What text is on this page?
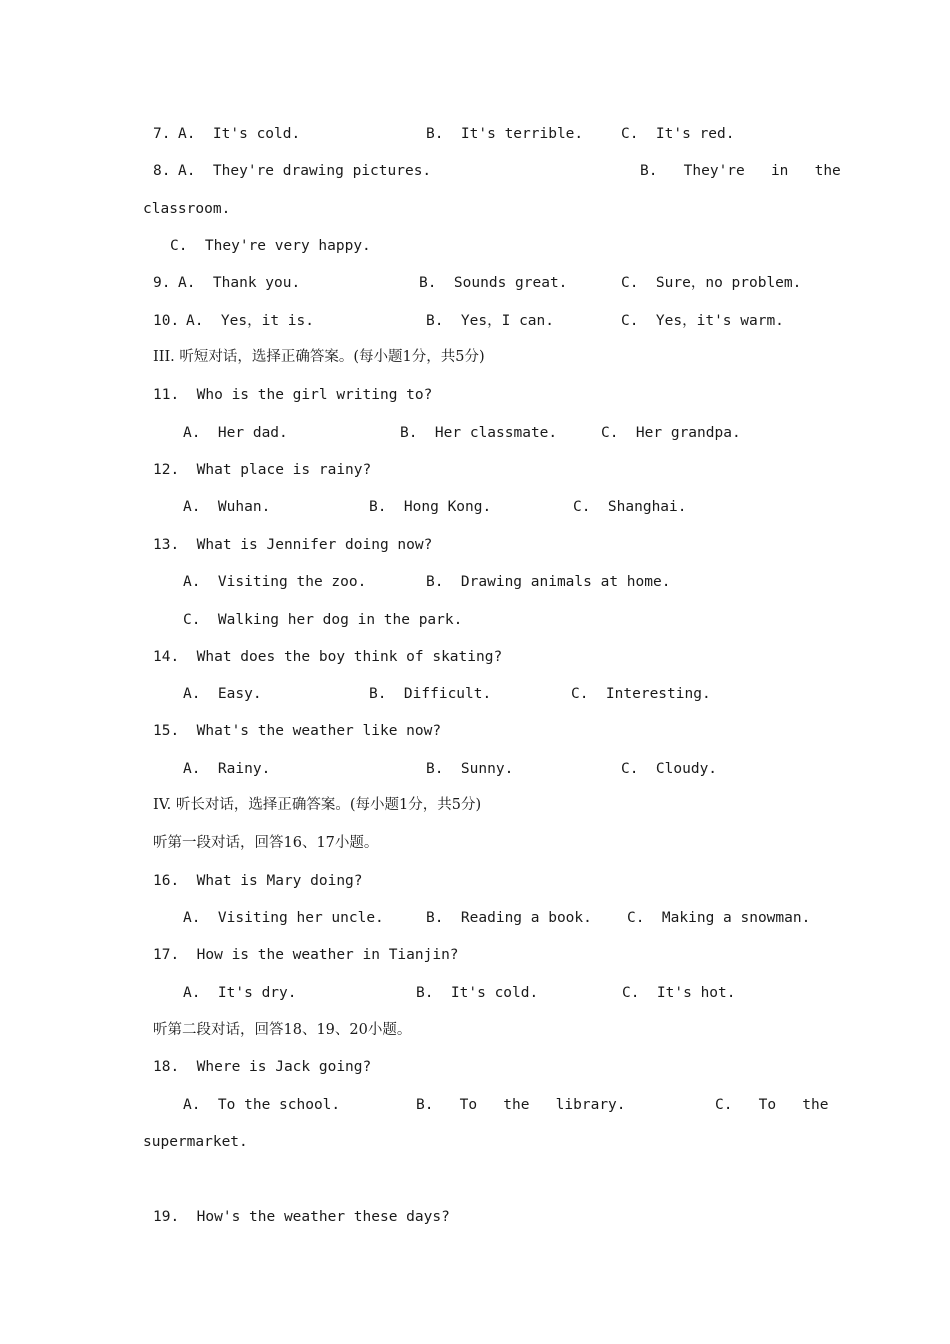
7. A.  It's cold.	B.  It's terrible.	C.  It's red.
8. A.  They're drawing pictures.	B.   They're   in   the
classroom.
C.  They're very happy.
9. A.  Thank you.	B.  Sounds great.	C.  Sure，no problem.
10. A.  Yes，it is.	B.  Yes，I can.	C.  Yes，it's warm.
III. 听短对话，选择正确答案。(每小题1分，共5分)
11.  Who is the girl writing to?
A.  Her dad.	B.  Her classmate.	C.  Her grandpa.
12.  What place is rainy?
A.  Wuhan.	B.  Hong Kong.	C.  Shanghai.
13.  What is Jennifer doing now?
A.  Visiting the zoo.	B.  Drawing animals at home.
C.  Walking her dog in the park.
14.  What does the boy think of skating?
A.  Easy.	B.  Difficult.	C.  Interesting.
15.  What's the weather like now?
A.  Rainy.	B.  Sunny.	C.  Cloudy.
IV. 听长对话，选择正确答案。(每小题1分，共5分)
听第一段对话，回答16、17小题。
16.  What is Mary doing?
A.  Visiting her uncle.	B.  Reading a book. C.  Making a snowman.
17.  How is the weather in Tianjin?
A.  It's dry.	B.  It's cold.	C.  It's hot.
听第二段对话，回答18、19、20小题。
18.  Where is Jack going?
A.  To the school.	B.   To   the   library.	C.   To   the
supermarket.
19.  How's the weather these days?
